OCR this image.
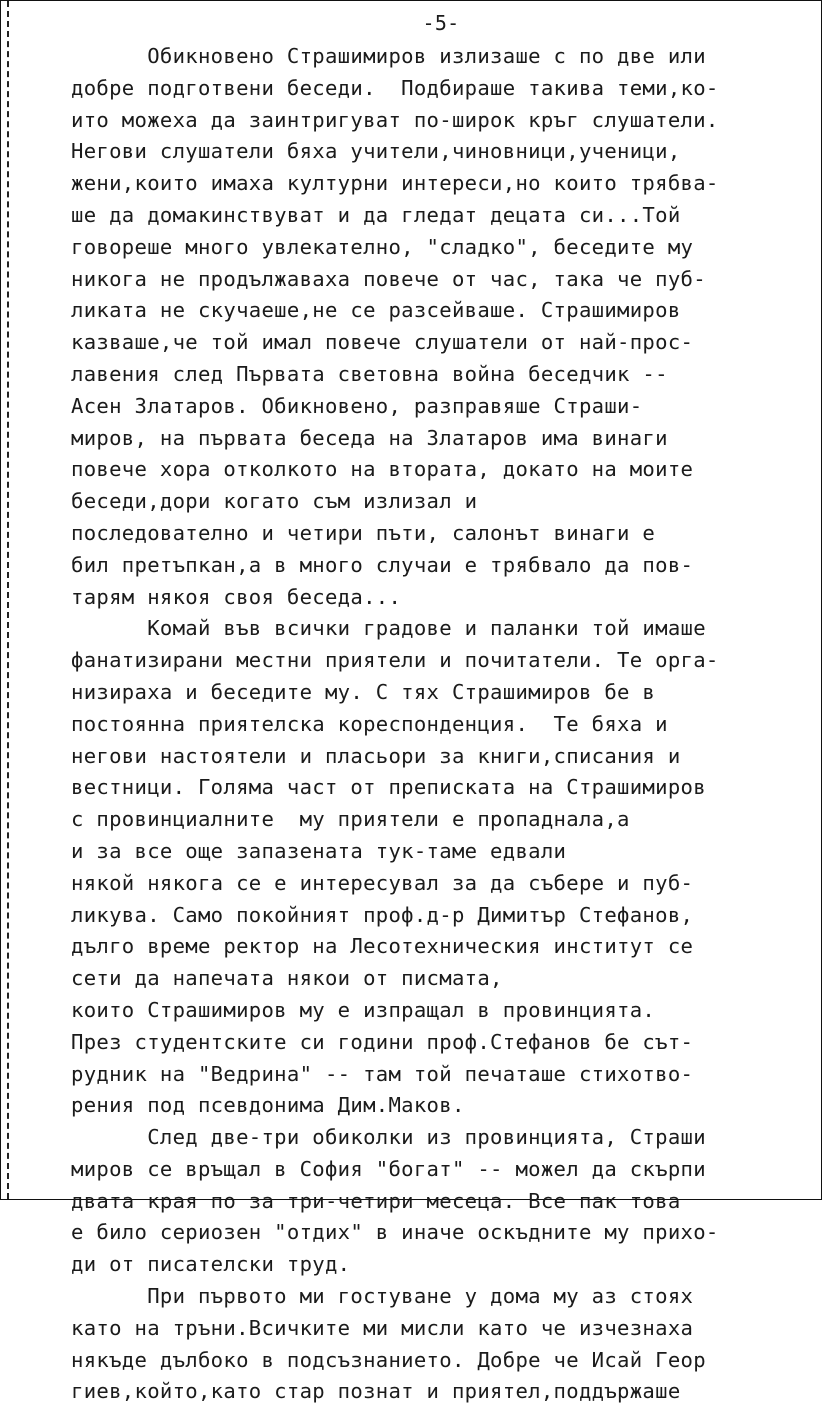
-5-
Обикновено Страшимиров излизаше с по две или
добре подготвени беседи.  Подбираше такива теми,ко-
ито можеха да заинтригуват по-широк кръг слушатели.
Негови слушатели бяха учители,чиновници,ученици,
жени,които имаха културни интереси,но които трябва-
ше да домакинствуват и да гледат децата си...Той
говореше много увлекателно, "сладко", беседите му
никога не продължаваха повече от час, така че пуб-
ликата не скучаеше,не се разсейваше. Страшимиров
казваше,че той имал повече слушатели от най-прос-
лавения след Първата световна война беседчик --
Асен Златаров. Обикновено, разправяше Страши-
миров, на първата беседа на Златаров има винаги
повече хора отколкото на втората, докато на моите
беседи,дори когато съм излизал и
последователно и четири пъти, салонът винаги е
бил претъпкан,а в много случаи е трябвало да пов-
тарям някоя своя беседа...
Комай във всички градове и паланки той имаше
фанатизирани местни приятели и почитатели. Те орга-
низираха и беседите му. С тях Страшимиров бе в
постоянна приятелска кореспонденция.  Те бяха и
негови настоятели и пласьори за книги,списания и
вестници. Голяма част от преписката на Страшимиров
с провинциалните  му приятели е пропаднала,а
и за все още запазената тук-таме едвали
някой някога се е интересувал за да събере и пуб-
ликува. Само покойният проф.д-р Димитър Стефанов,
дълго време ректор на Лесотехническия институт се
сети да напечата някои от писмата,
които Страшимиров му е изпращал в провинцията.
През студентските си години проф.Стефанов бе сът-
рудник на "Ведрина" -- там той печаташе стихотво-
рения под псевдонима Дим.Маков.
След две-три обиколки из провинцията, Страши
миров се връщал в София "богат" -- можел да скърпи
двата края по за три-четири месеца. Все пак това
е било сериозен "отдих" в иначе оскъдните му прихо-
ди от писателски труд.
При първото ми гостуване у дома му аз стоях
като на тръни.Всичките ми мисли като че изчезнаха
някъде дълбоко в подсъзнанието. Добре че Исай Геор
гиев,който,като стар познат и приятел,поддържаше
